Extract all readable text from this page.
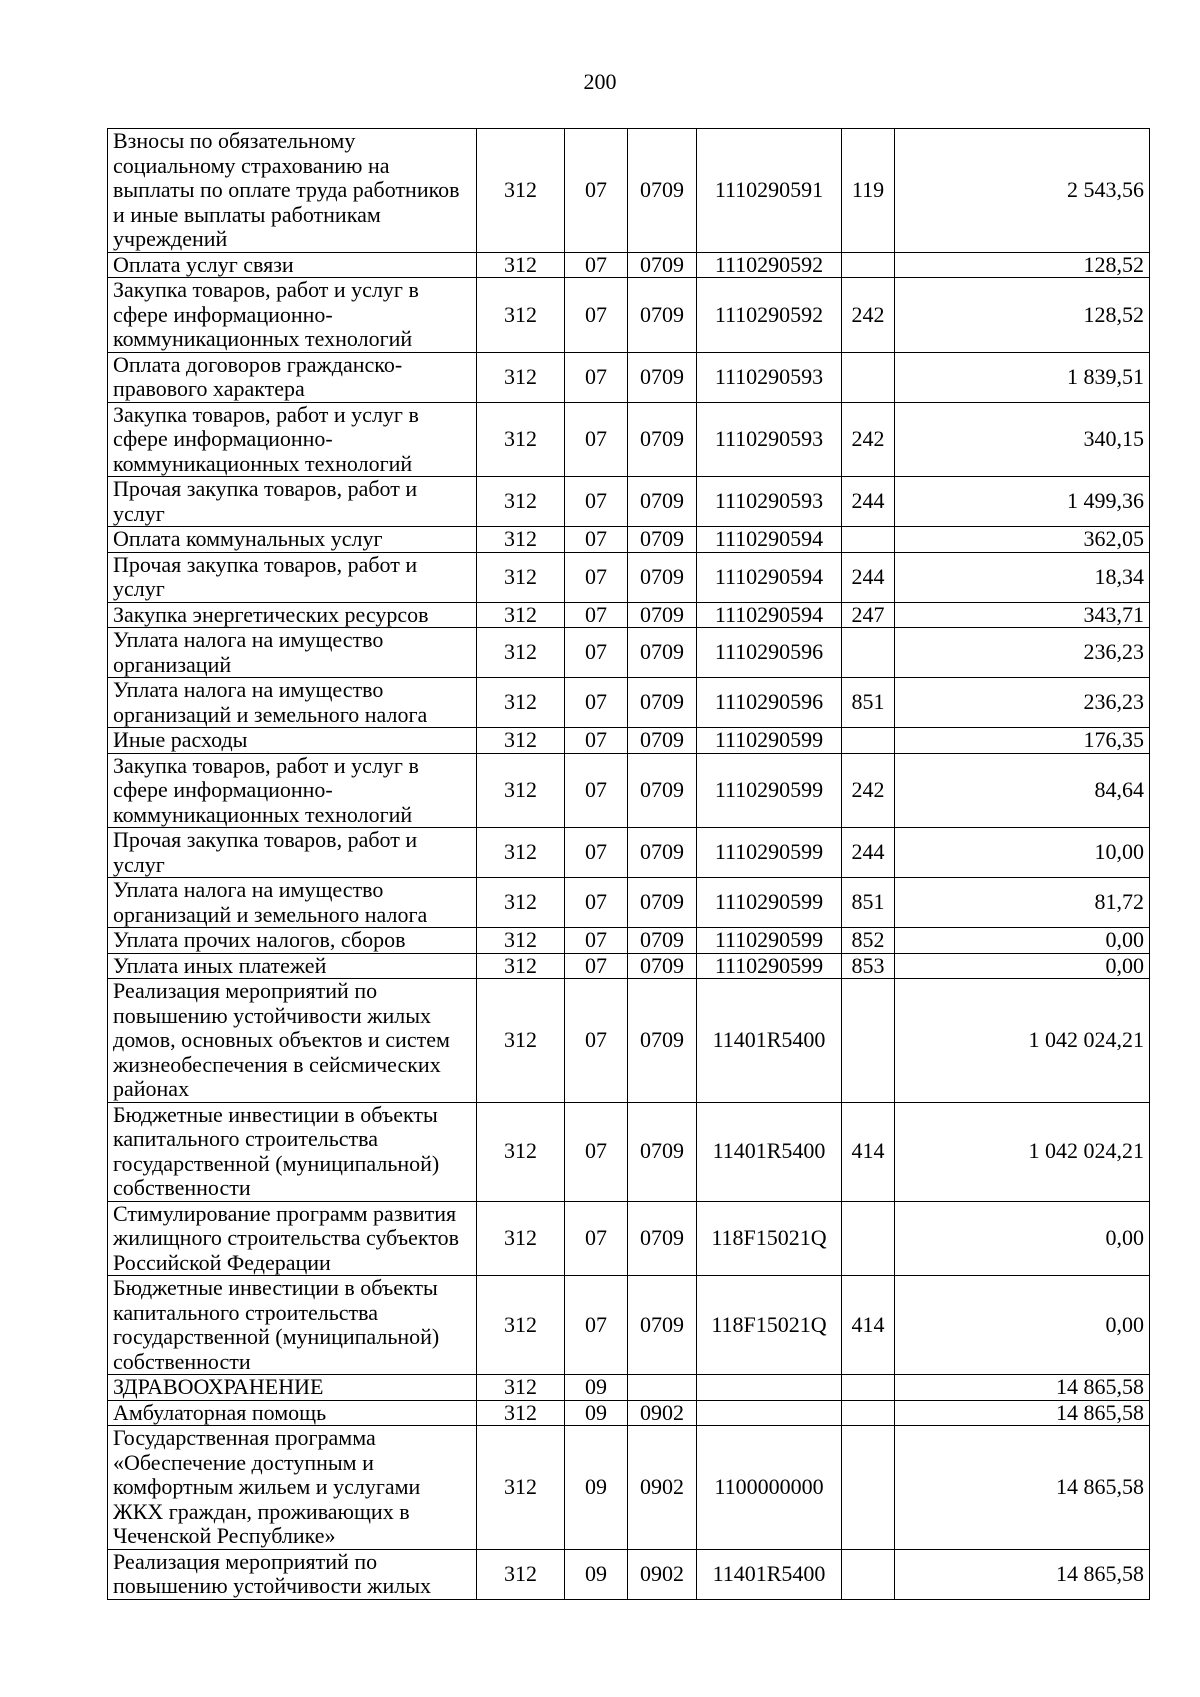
200
Взносы по обязательному социальному страхованию на выплаты по оплате труда работников и иные выплаты работникам учреждений	312	07	0709	1110290591	119	2 543,56
Оплата услуг связи	312	07	0709	1110290592		128,52
Закупка товаров, работ и услуг в сфере информационно-коммуникационных технологий	312	07	0709	1110290592	242	128,52
Оплата договоров гражданско-правового характера	312	07	0709	1110290593		1 839,51
Закупка товаров, работ и услуг в сфере информационно-коммуникационных технологий	312	07	0709	1110290593	242	340,15
Прочая закупка товаров, работ и услуг	312	07	0709	1110290593	244	1 499,36
Оплата коммунальных услуг	312	07	0709	1110290594		362,05
Прочая закупка товаров, работ и услуг	312	07	0709	1110290594	244	18,34
Закупка энергетических ресурсов	312	07	0709	1110290594	247	343,71
Уплата налога на имущество организаций	312	07	0709	1110290596		236,23
Уплата налога на имущество организаций и земельного налога	312	07	0709	1110290596	851	236,23
Иные расходы	312	07	0709	1110290599		176,35
Закупка товаров, работ и услуг в сфере информационно-коммуникационных технологий	312	07	0709	1110290599	242	84,64
Прочая закупка товаров, работ и услуг	312	07	0709	1110290599	244	10,00
Уплата налога на имущество организаций и земельного налога	312	07	0709	1110290599	851	81,72
Уплата прочих налогов, сборов	312	07	0709	1110290599	852	0,00
Уплата иных платежей	312	07	0709	1110290599	853	0,00
Реализация мероприятий по повышению устойчивости жилых домов, основных объектов и систем жизнеобеспечения в сейсмических районах	312	07	0709	11401R5400		1 042 024,21
Бюджетные инвестиции в объекты капитального строительства государственной (муниципальной) собственности	312	07	0709	11401R5400	414	1 042 024,21
Стимулирование программ развития жилищного строительства субъектов Российской Федерации	312	07	0709	118F15021Q		0,00
Бюджетные инвестиции в объекты капитального строительства государственной (муниципальной) собственности	312	07	0709	118F15021Q	414	0,00
ЗДРАВООХРАНЕНИЕ	312	09				14 865,58
Амбулаторная помощь	312	09	0902			14 865,58
Государственная программа «Обеспечение доступным и комфортным жильем и услугами ЖКХ граждан, проживающих в Чеченской Республике»	312	09	0902	1100000000		14 865,58
Реализация мероприятий по повышению устойчивости жилых	312	09	0902	11401R5400		14 865,58
